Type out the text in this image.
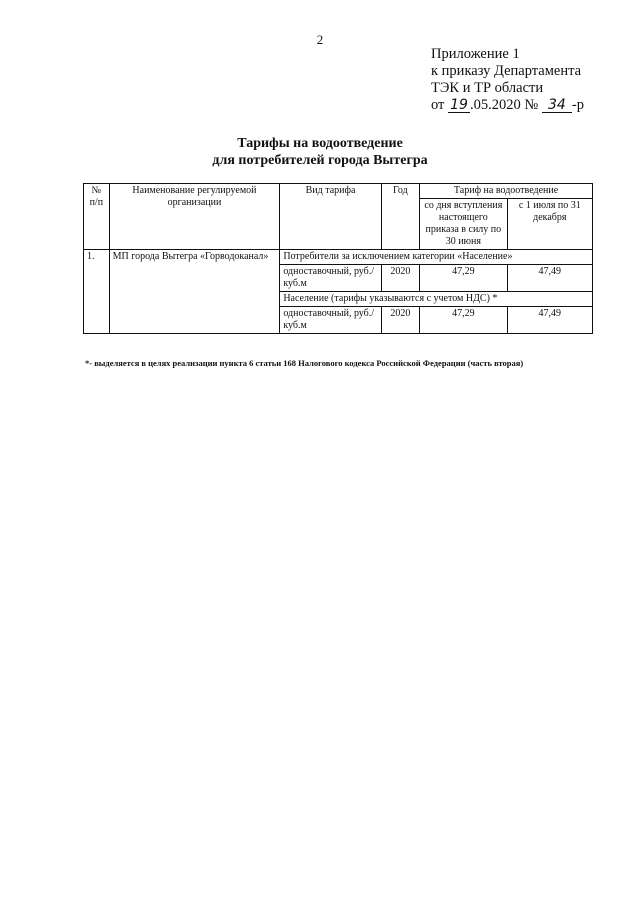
2
Приложение 1
к приказу Департамента
ТЭК и ТР области
от 19 .05.2020 № 34 -р
Тарифы на водоотведение
для потребителей города Вытегра
№ п/п	Наименование регулируемой организации	Вид тарифа	Год	Тариф на водоотведение	
				со дня вступления настоящего приказа в силу по 30 июня	с 1 июля по 31 декабря
1.	МП города Вытегра «Горводоканал»	Потребители за исключением категории «Население»			
		одноставочный, руб./куб.м	2020	47,29	47,49
		Население (тарифы указываются с учетом НДС) *			
		одноставочный, руб./куб.м	2020	47,29	47,49
*- выделяется в целях реализации пункта 6 статьи 168 Налогового кодекса Российской Федерации (часть вторая)
